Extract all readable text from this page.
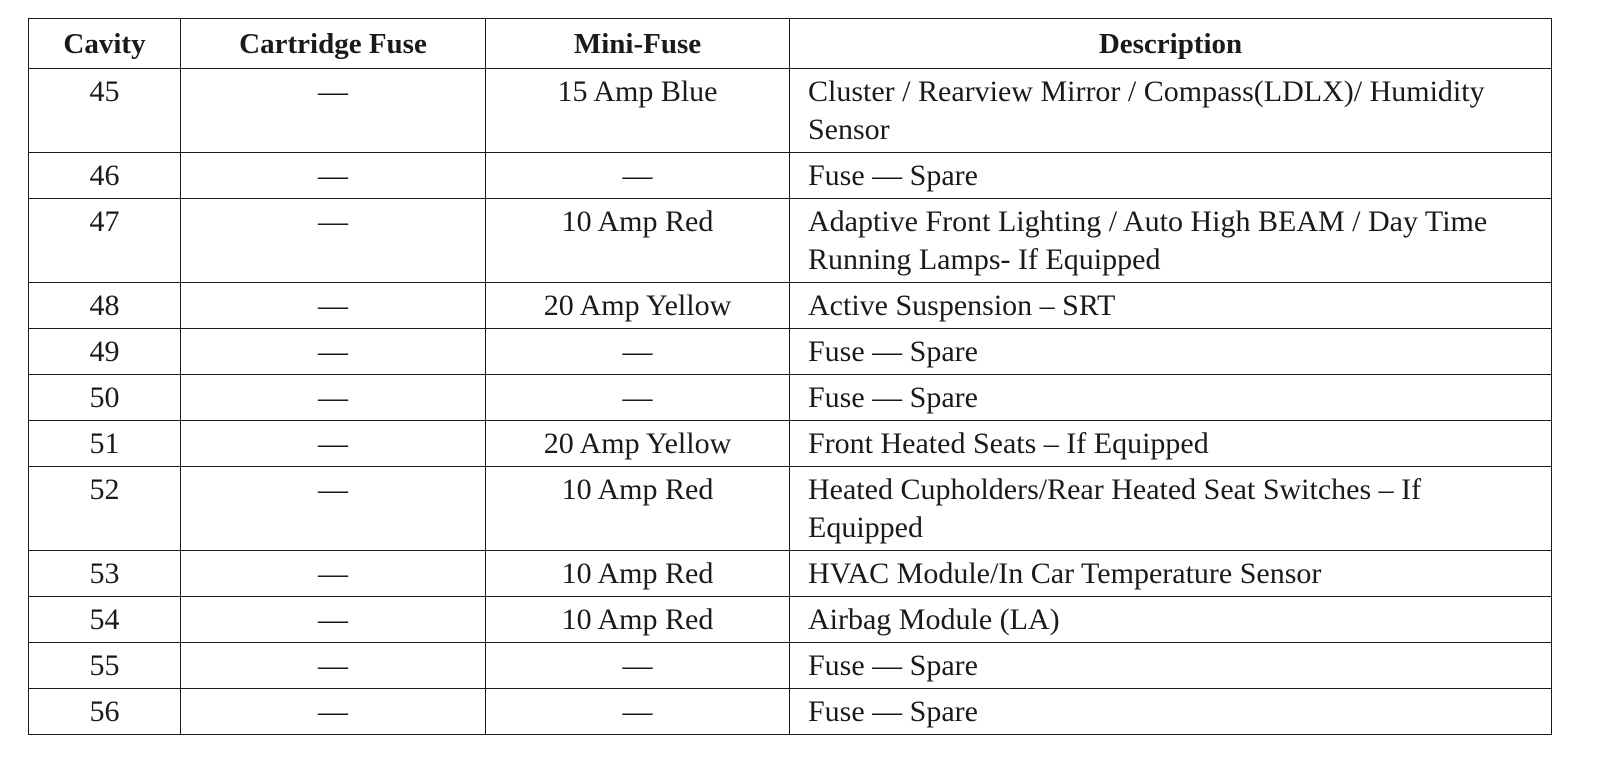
Cavity	Cartridge Fuse	Mini-Fuse	Description
45	—	15 Amp Blue	Cluster / Rearview Mirror / Compass(LDLX)/ Humidity Sensor
46	—	—	Fuse — Spare
47	—	10 Amp Red	Adaptive Front Lighting / Auto High BEAM / Day Time Running Lamps- If Equipped
48	—	20 Amp Yellow	Active Suspension – SRT
49	—	—	Fuse — Spare
50	—	—	Fuse — Spare
51	—	20 Amp Yellow	Front Heated Seats – If Equipped
52	—	10 Amp Red	Heated Cupholders/Rear Heated Seat Switches – If Equipped
53	—	10 Amp Red	HVAC Module/In Car Temperature Sensor
54	—	10 Amp Red	Airbag Module (LA)
55	—	—	Fuse — Spare
56	—	—	Fuse — Spare
